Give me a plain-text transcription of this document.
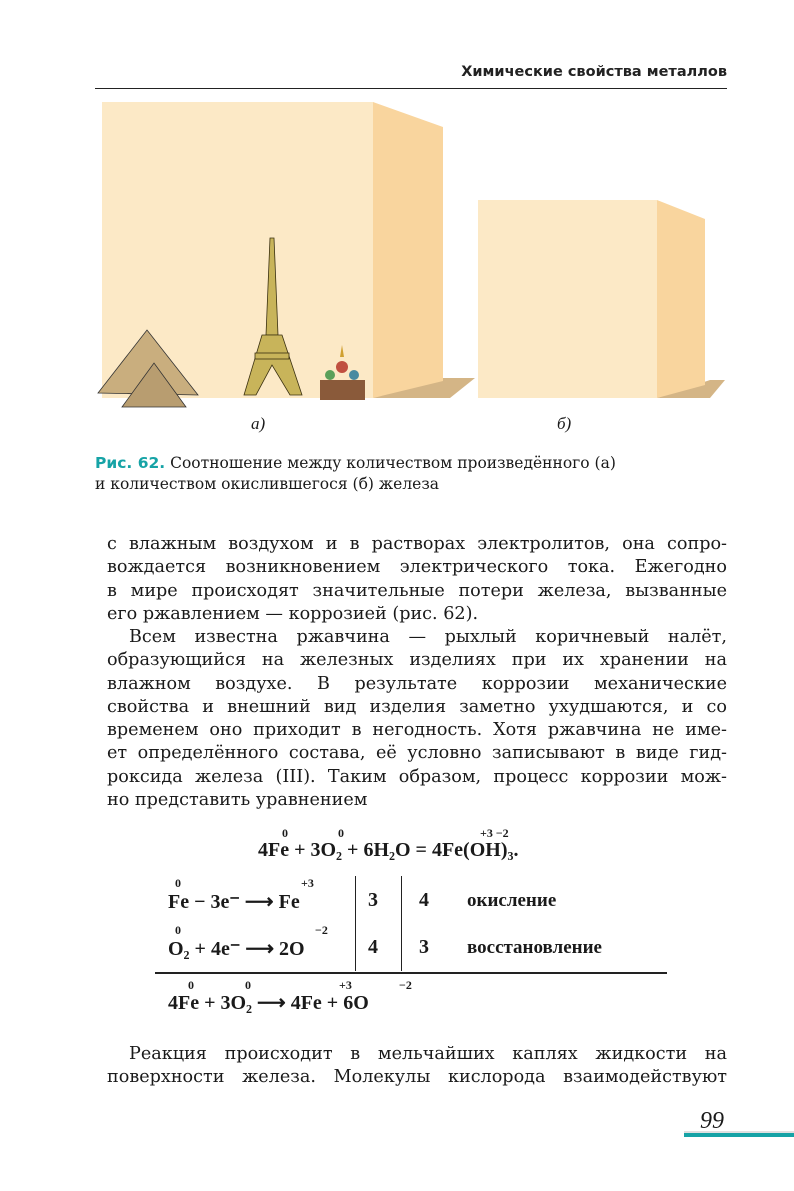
Химические свойства металлов
а)	б)
Рис. 62. Соотношение между количеством произведённого (а)
и количеством окислившегося (б) железа
с влажным воздухом и в растворах электролитов, она сопро-
вождается возникновением электрического тока. Ежегодно
в мире происходят значительные потери железа, вызванные
его ржавлением — коррозией (рис. 62).
Всем известна ржавчина — рыхлый коричневый налёт,
образующийся на железных изделиях при их хранении на
влажном воздухе. В результате коррозии механические
свойства и внешний вид изделия заметно ухудшаются, и со
временем оно приходит в негодность. Хотя ржавчина не име-
ет определённого состава, её условно записывают в виде гид-
роксида железа (III). Таким образом, процесс коррозии мож-
но представить уравнением
0	0	+3 −2
4Fe + 3O₂ + 6H₂O = 4Fe(OH)₃.
0	+3
Fe − 3e⁻ ⟶ Fe	3 4 окисление
0	−2
O₂ + 4e⁻ ⟶ 2O	4 3 восстановление
0	0	+3	−2
4Fe + 3O₂ ⟶ 4Fe + 6O
Реакция происходит в мельчайших каплях жидкости на
поверхности железа. Молекулы кислорода взаимодействуют
99
